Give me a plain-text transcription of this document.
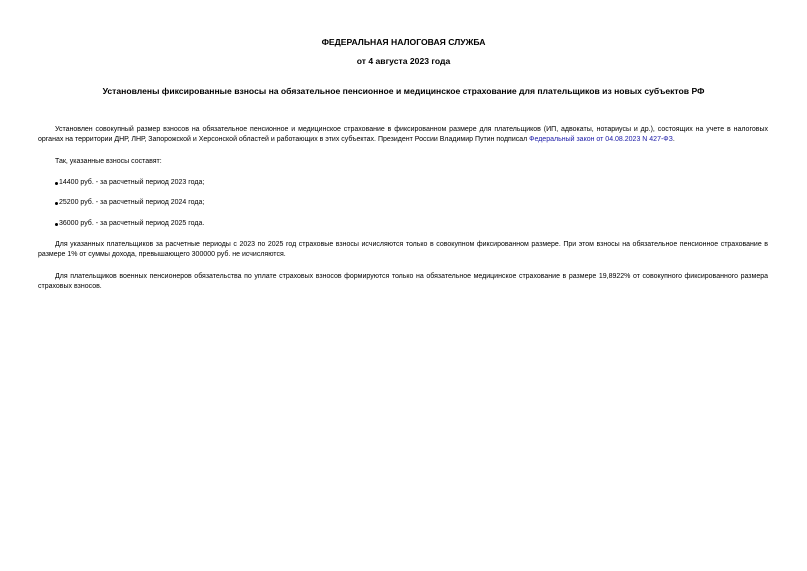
ФЕДЕРАЛЬНАЯ НАЛОГОВАЯ СЛУЖБА
от 4 августа 2023 года
Установлены фиксированные взносы на обязательное пенсионное и медицинское страхование для плательщиков из новых субъектов РФ

Установлен совокупный размер взносов на обязательное пенсионное и медицинское страхование в фиксированном размере для плательщиков (ИП, адвокаты, нотариусы и др.), состоящих на учете в налоговых органах на территории ДНР, ЛНР, Запорожской и Херсонской областей и работающих в этих субъектах. Президент России Владимир Путин подписал Федеральный закон от 04.08.2023 N 427-ФЗ.

Так, указанные взносы составят:

14400 руб. - за расчетный период 2023 года;
25200 руб. - за расчетный период 2024 года;
36000 руб. - за расчетный период 2025 года.

Для указанных плательщиков за расчетные периоды с 2023 по 2025 год страховые взносы исчисляются только в совокупном фиксированном размере. При этом взносы на обязательное пенсионное страхование в размере 1% от суммы дохода, превышающего 300000 руб. не исчисляются.

Для плательщиков военных пенсионеров обязательства по уплате страховых взносов формируются только на обязательное медицинское страхование в размере 19,8922% от совокупного фиксированного размера страховых взносов.
